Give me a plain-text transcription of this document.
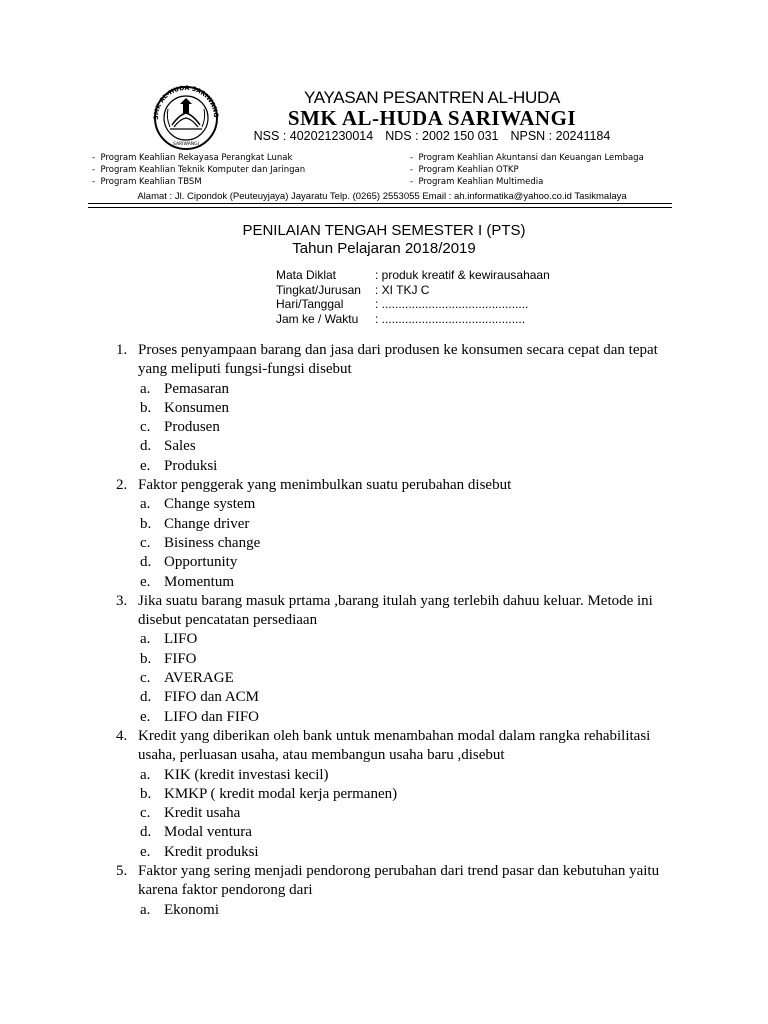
SMK AL-HUDA SARIWANG
SARIWANGI
YAYASAN PESANTREN AL-HUDA
SMK AL-HUDA SARIWANGI
NSS : 402021230014 NDS : 2002 150 031 NPSN : 20241184
- Program Keahlian Rekayasa Perangkat Lunak
- Program Keahlian Teknik Komputer dan Jaringan
- Program Keahlian TBSM
- Program Keahlian Akuntansi dan Keuangan Lembaga
- Program Keahlian OTKP
- Program Keahlian Multimedia
Alamat : Jl. Cipondok (Peuteuyjaya) Jayaratu Telp. (0265) 2553055 Email : ah.informatika@yahoo.co.id Tasikmalaya
PENILAIAN TENGAH SEMESTER I (PTS)
Tahun Pelajaran 2018/2019
Mata Diklat	: produk kreatif & kewirausahaan
Tingkat/Jurusan	: XI TKJ C
Hari/Tanggal	: ............................................
Jam ke / Waktu	: ...........................................
1. Proses penyampaan barang dan jasa dari produsen ke konsumen secara cepat dan tepat yang meliputi fungsi-fungsi disebut
a. Pemasaran
b. Konsumen
c. Produsen
d. Sales
e. Produksi
2. Faktor penggerak yang menimbulkan suatu perubahan disebut
a. Change system
b. Change driver
c. Bisiness change
d. Opportunity
e. Momentum
3. Jika suatu barang masuk prtama ,barang itulah yang terlebih dahuu keluar. Metode ini disebut pencatatan persediaan
a. LIFO
b. FIFO
c. AVERAGE
d. FIFO dan ACM
e. LIFO dan FIFO
4. Kredit yang diberikan oleh bank untuk menambahan modal dalam rangka rehabilitasi usaha, perluasan usaha, atau membangun usaha baru ,disebut
a. KIK (kredit investasi kecil)
b. KMKP ( kredit modal kerja permanen)
c. Kredit usaha
d. Modal ventura
e. Kredit produksi
5. Faktor yang sering menjadi pendorong perubahan dari trend pasar dan kebutuhan yaitu karena faktor pendorong dari
a. Ekonomi
